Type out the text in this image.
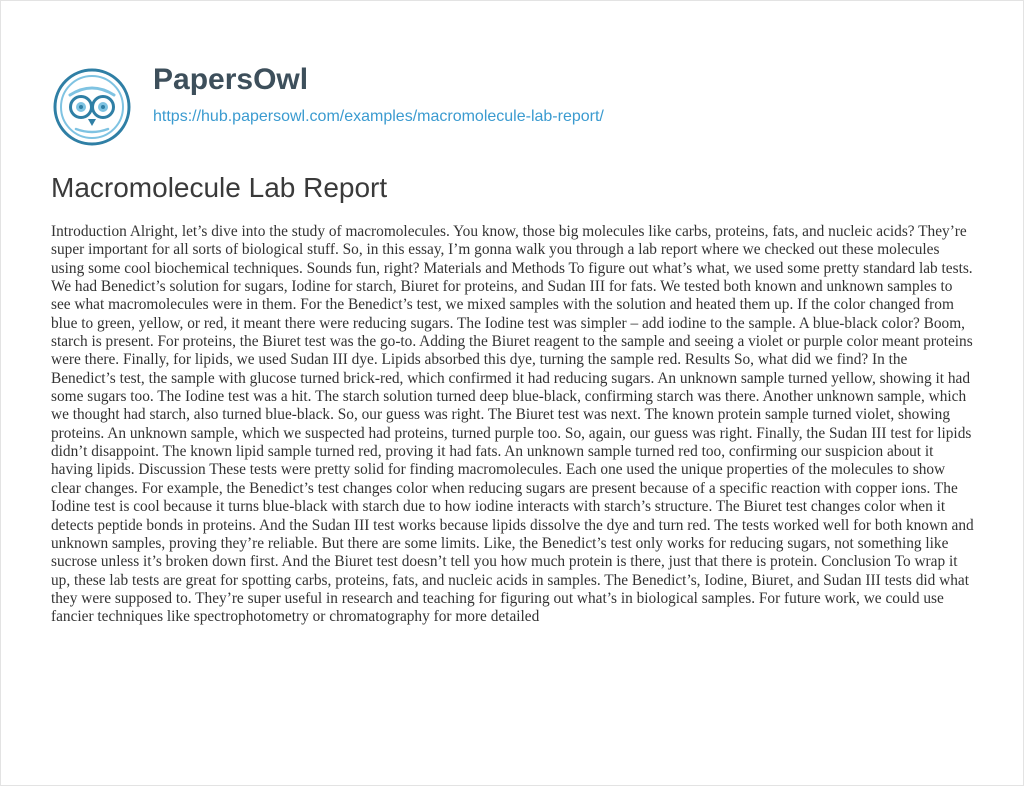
PapersOwl
https://hub.papersowl.com/examples/macromolecule-lab-report/
Macromolecule Lab Report

Introduction Alright, let’s dive into the study of macromolecules. You know, those big molecules like carbs, proteins, fats, and nucleic acids? They’re super important for all sorts of biological stuff. So, in this essay, I’m gonna walk you through a lab report where we checked out these molecules using some cool biochemical techniques. Sounds fun, right? Materials and Methods To figure out what’s what, we used some pretty standard lab tests. We had Benedict’s solution for sugars, Iodine for starch, Biuret for proteins, and Sudan III for fats. We tested both known and unknown samples to see what macromolecules were in them. For the Benedict’s test, we mixed samples with the solution and heated them up. If the color changed from blue to green, yellow, or red, it meant there were reducing sugars. The Iodine test was simpler – add iodine to the sample. A blue-black color? Boom, starch is present. For proteins, the Biuret test was the go-to. Adding the Biuret reagent to the sample and seeing a violet or purple color meant proteins were there. Finally, for lipids, we used Sudan III dye. Lipids absorbed this dye, turning the sample red. Results So, what did we find? In the Benedict’s test, the sample with glucose turned brick-red, which confirmed it had reducing sugars. An unknown sample turned yellow, showing it had some sugars too. The Iodine test was a hit. The starch solution turned deep blue-black, confirming starch was there. Another unknown sample, which we thought had starch, also turned blue-black. So, our guess was right. The Biuret test was next. The known protein sample turned violet, showing proteins. An unknown sample, which we suspected had proteins, turned purple too. So, again, our guess was right. Finally, the Sudan III test for lipids didn’t disappoint. The known lipid sample turned red, proving it had fats. An unknown sample turned red too, confirming our suspicion about it having lipids. Discussion These tests were pretty solid for finding macromolecules. Each one used the unique properties of the molecules to show clear changes. For example, the Benedict’s test changes color when reducing sugars are present because of a specific reaction with copper ions. The Iodine test is cool because it turns blue-black with starch due to how iodine interacts with starch’s structure. The Biuret test changes color when it detects peptide bonds in proteins. And the Sudan III test works because lipids dissolve the dye and turn red. The tests worked well for both known and unknown samples, proving they’re reliable. But there are some limits. Like, the Benedict’s test only works for reducing sugars, not something like sucrose unless it’s broken down first. And the Biuret test doesn’t tell you how much protein is there, just that there is protein. Conclusion To wrap it up, these lab tests are great for spotting carbs, proteins, fats, and nucleic acids in samples. The Benedict’s, Iodine, Biuret, and Sudan III tests did what they were supposed to. They’re super useful in research and teaching for figuring out what’s in biological samples. For future work, we could use fancier techniques like spectrophotometry or chromatography for more detailed
